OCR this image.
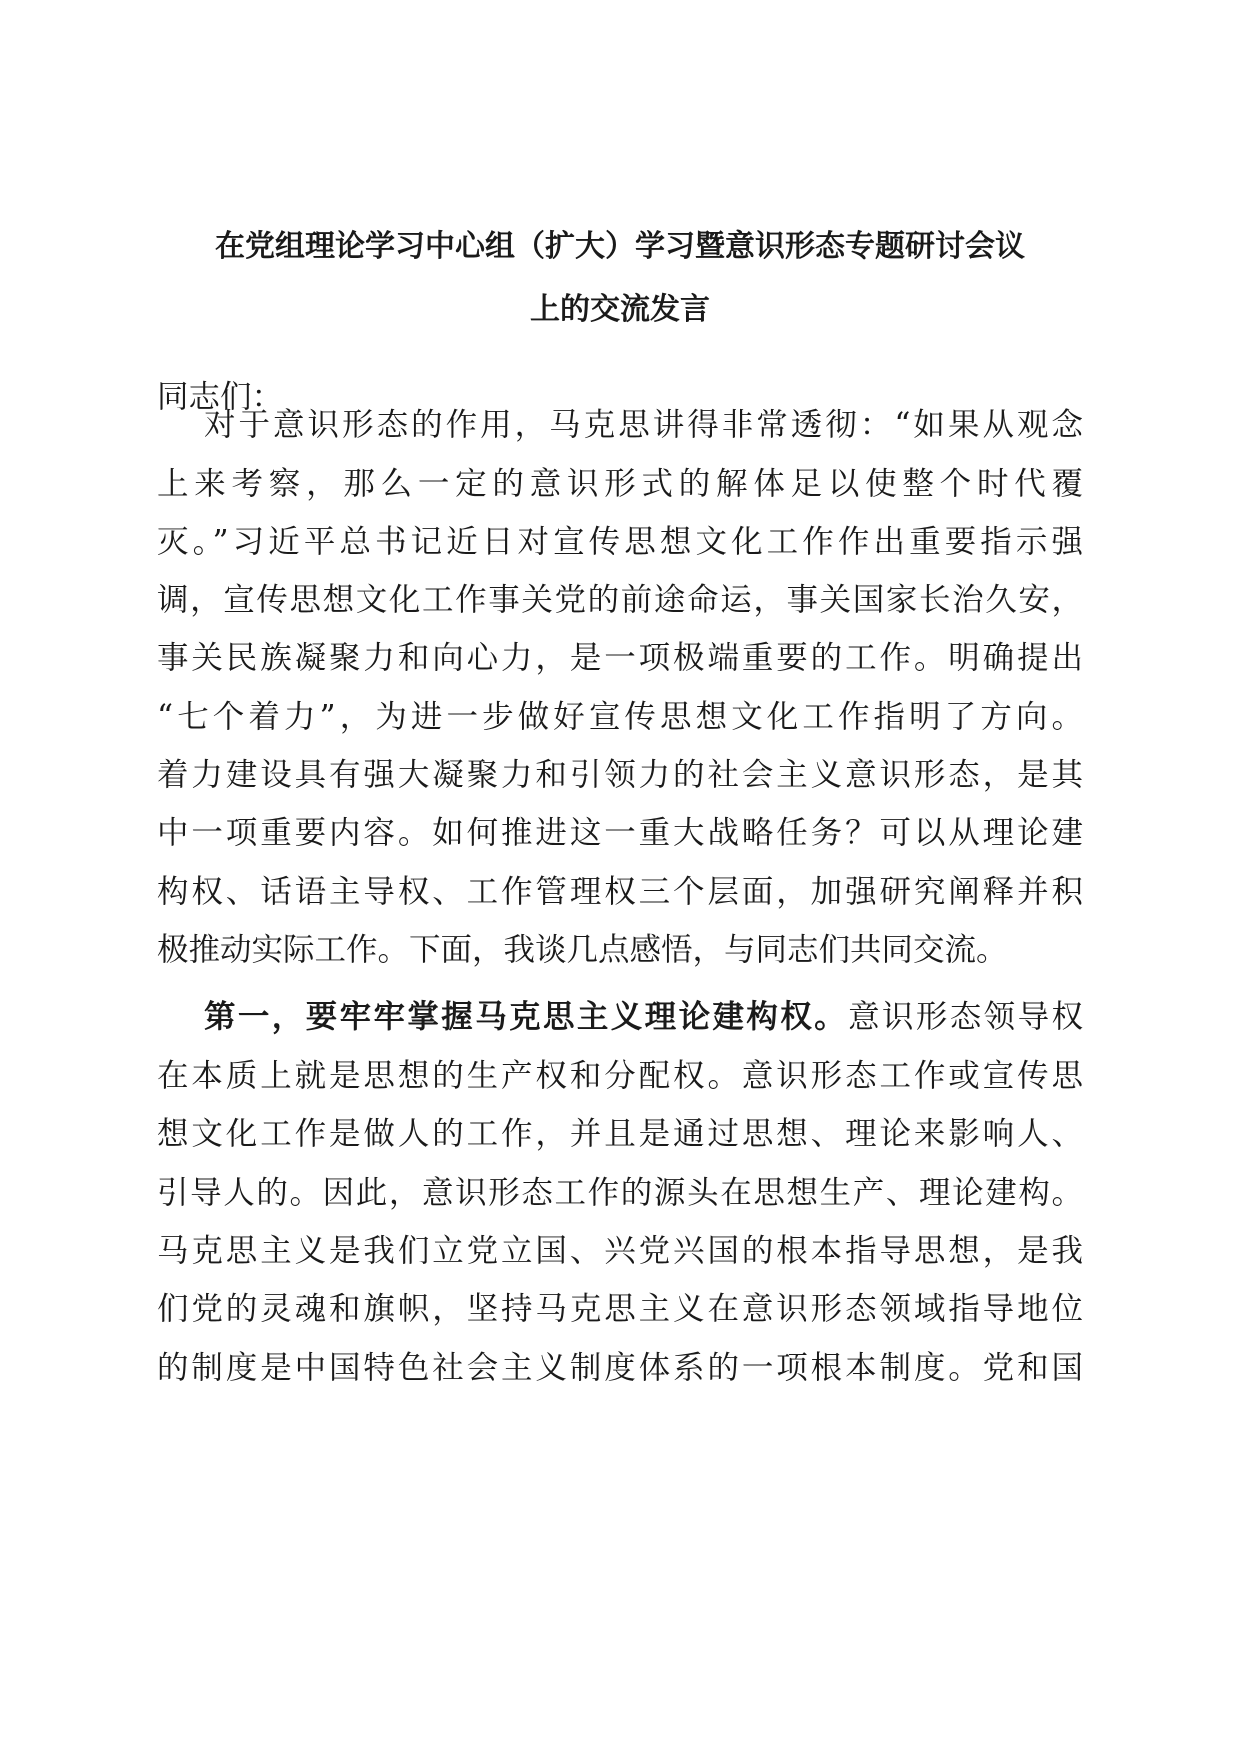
在党组理论学习中心组（扩大）学习暨意识形态专题研讨会议
上的交流发言

同志们：

对于意识形态的作用，马克思讲得非常透彻：“如果从观念

上来考察，那么一定的意识形式的解体足以使整个时代覆

灭。”习近平总书记近日对宣传思想文化工作作出重要指示强

调，宣传思想文化工作事关党的前途命运，事关国家长治久安，

事关民族凝聚力和向心力，是一项极端重要的工作。明确提出

“七个着力”，为进一步做好宣传思想文化工作指明了方向。

着力建设具有强大凝聚力和引领力的社会主义意识形态，是其

中一项重要内容。如何推进这一重大战略任务？可以从理论建

构权、话语主导权、工作管理权三个层面，加强研究阐释并积

极推动实际工作。下面，我谈几点感悟，与同志们共同交流。

第一，要牢牢掌握马克思主义理论建构权。意识形态领导权

在本质上就是思想的生产权和分配权。意识形态工作或宣传思

想文化工作是做人的工作，并且是通过思想、理论来影响人、

引导人的。因此，意识形态工作的源头在思想生产、理论建构。

马克思主义是我们立党立国、兴党兴国的根本指导思想，是我

们党的灵魂和旗帜，坚持马克思主义在意识形态领域指导地位

的制度是中国特色社会主义制度体系的一项根本制度。党和国
